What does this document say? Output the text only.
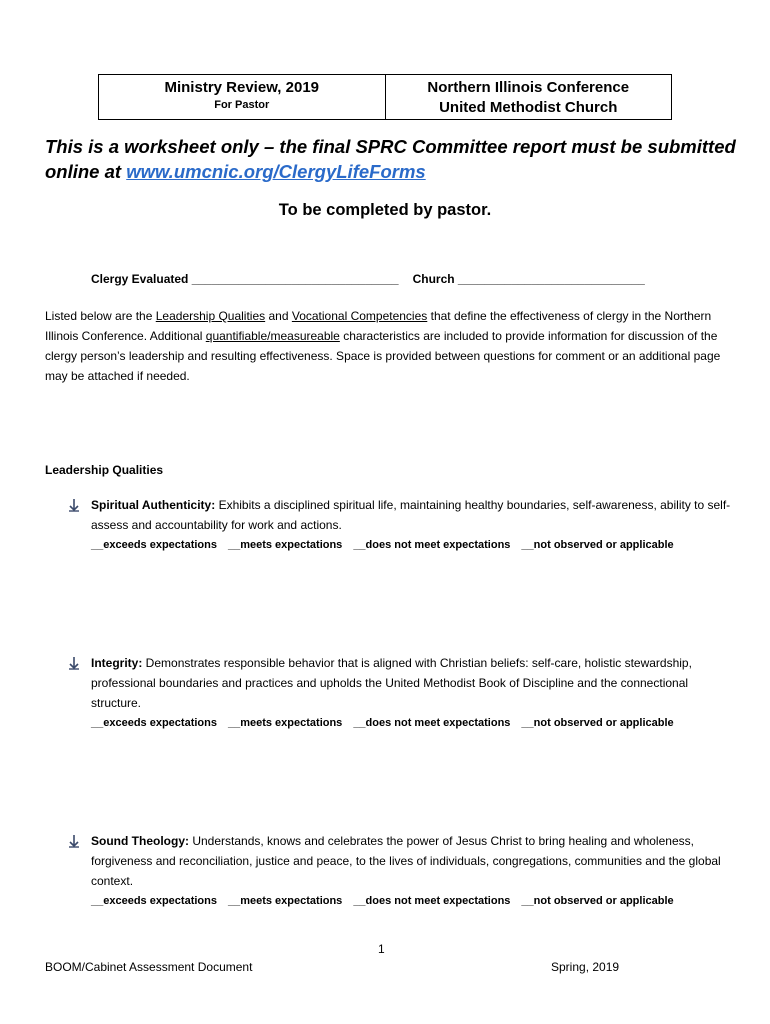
Ministry Review, 2019
For Pastor
Northern Illinois Conference
United Methodist Church
This is a worksheet only – the final SPRC Committee report must be submitted online at www.umcnic.org/ClergyLifeForms
To be completed by pastor.
Clergy Evaluated _______________________________ Church ____________________________
Listed below are the Leadership Qualities and Vocational Competencies that define the effectiveness of clergy in the Northern Illinois Conference. Additional quantifiable/measureable characteristics are included to provide information for discussion of the clergy person’s leadership and resulting effectiveness. Space is provided between questions for comment or an additional page may be attached if needed.
Leadership Qualities
Spiritual Authenticity: Exhibits a disciplined spiritual life, maintaining healthy boundaries, self-awareness, ability to self-assess and accountability for work and actions.
__exceeds expectations __meets expectations __does not meet expectations __not observed or applicable
Integrity: Demonstrates responsible behavior that is aligned with Christian beliefs: self-care, holistic stewardship, professional boundaries and practices and upholds the United Methodist Book of Discipline and the connectional structure.
__exceeds expectations __meets expectations __does not meet expectations __not observed or applicable
Sound Theology: Understands, knows and celebrates the power of Jesus Christ to bring healing and wholeness, forgiveness and reconciliation, justice and peace, to the lives of individuals, congregations, communities and the global context.
__exceeds expectations __meets expectations __does not meet expectations __not observed or applicable
1
BOOM/Cabinet Assessment Document	Spring, 2019
